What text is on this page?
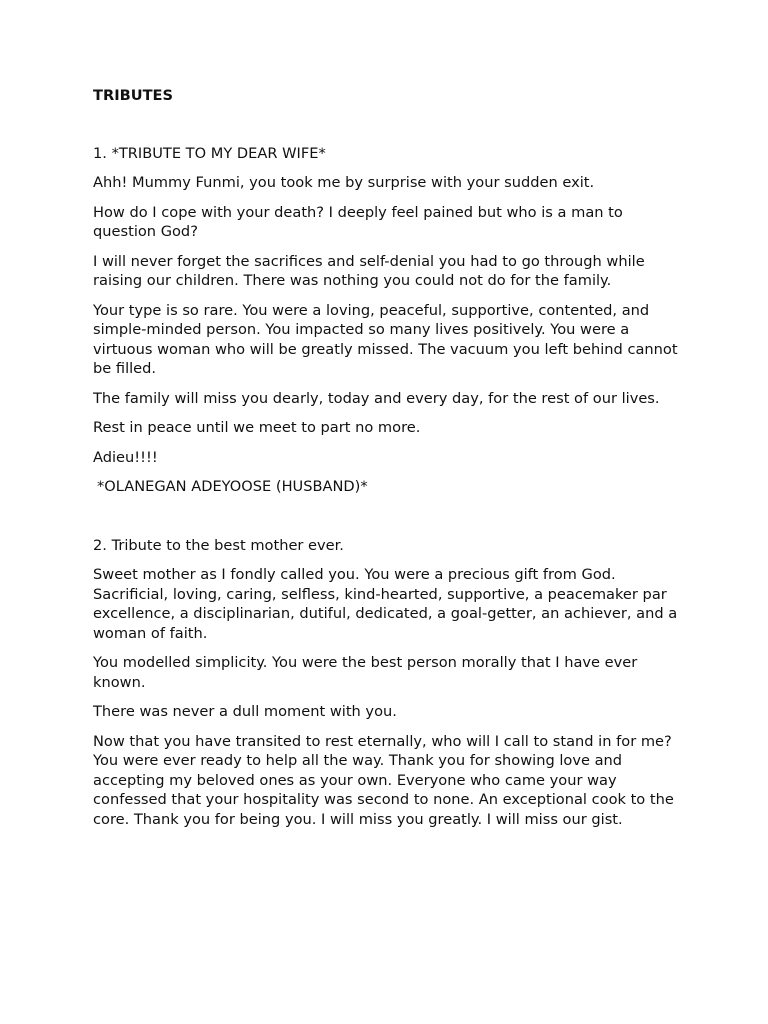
TRIBUTES
1. *TRIBUTE TO MY DEAR WIFE*

Ahh! Mummy Funmi, you took me by surprise with your sudden exit.

How do I cope with your death? I deeply feel pained but who is a man to question God?

I will never forget the sacrifices and self-denial you had to go through while raising our children. There was nothing you could not do for the family.

Your type is so rare. You were a loving, peaceful, supportive, contented, and simple-minded person. You impacted so many lives positively. You were a virtuous woman who will be greatly missed. The vacuum you left behind cannot be filled.

The family will miss you dearly, today and every day, for the rest of our lives.

Rest in peace until we meet to part no more.

Adieu!!!!

*OLANEGAN ADEYOOSE (HUSBAND)*

2. Tribute to the best mother ever.

Sweet mother as I fondly called you. You were a precious gift from God. Sacrificial, loving, caring, selfless, kind-hearted, supportive, a peacemaker par excellence, a disciplinarian, dutiful, dedicated, a goal-getter, an achiever, and a woman of faith.

You modelled simplicity. You were the best person morally that I have ever known.

There was never a dull moment with you.

Now that you have transited to rest eternally, who will I call to stand in for me? You were ever ready to help all the way. Thank you for showing love and accepting my beloved ones as your own. Everyone who came your way confessed that your hospitality was second to none. An exceptional cook to the core. Thank you for being you. I will miss you greatly. I will miss our gist.
